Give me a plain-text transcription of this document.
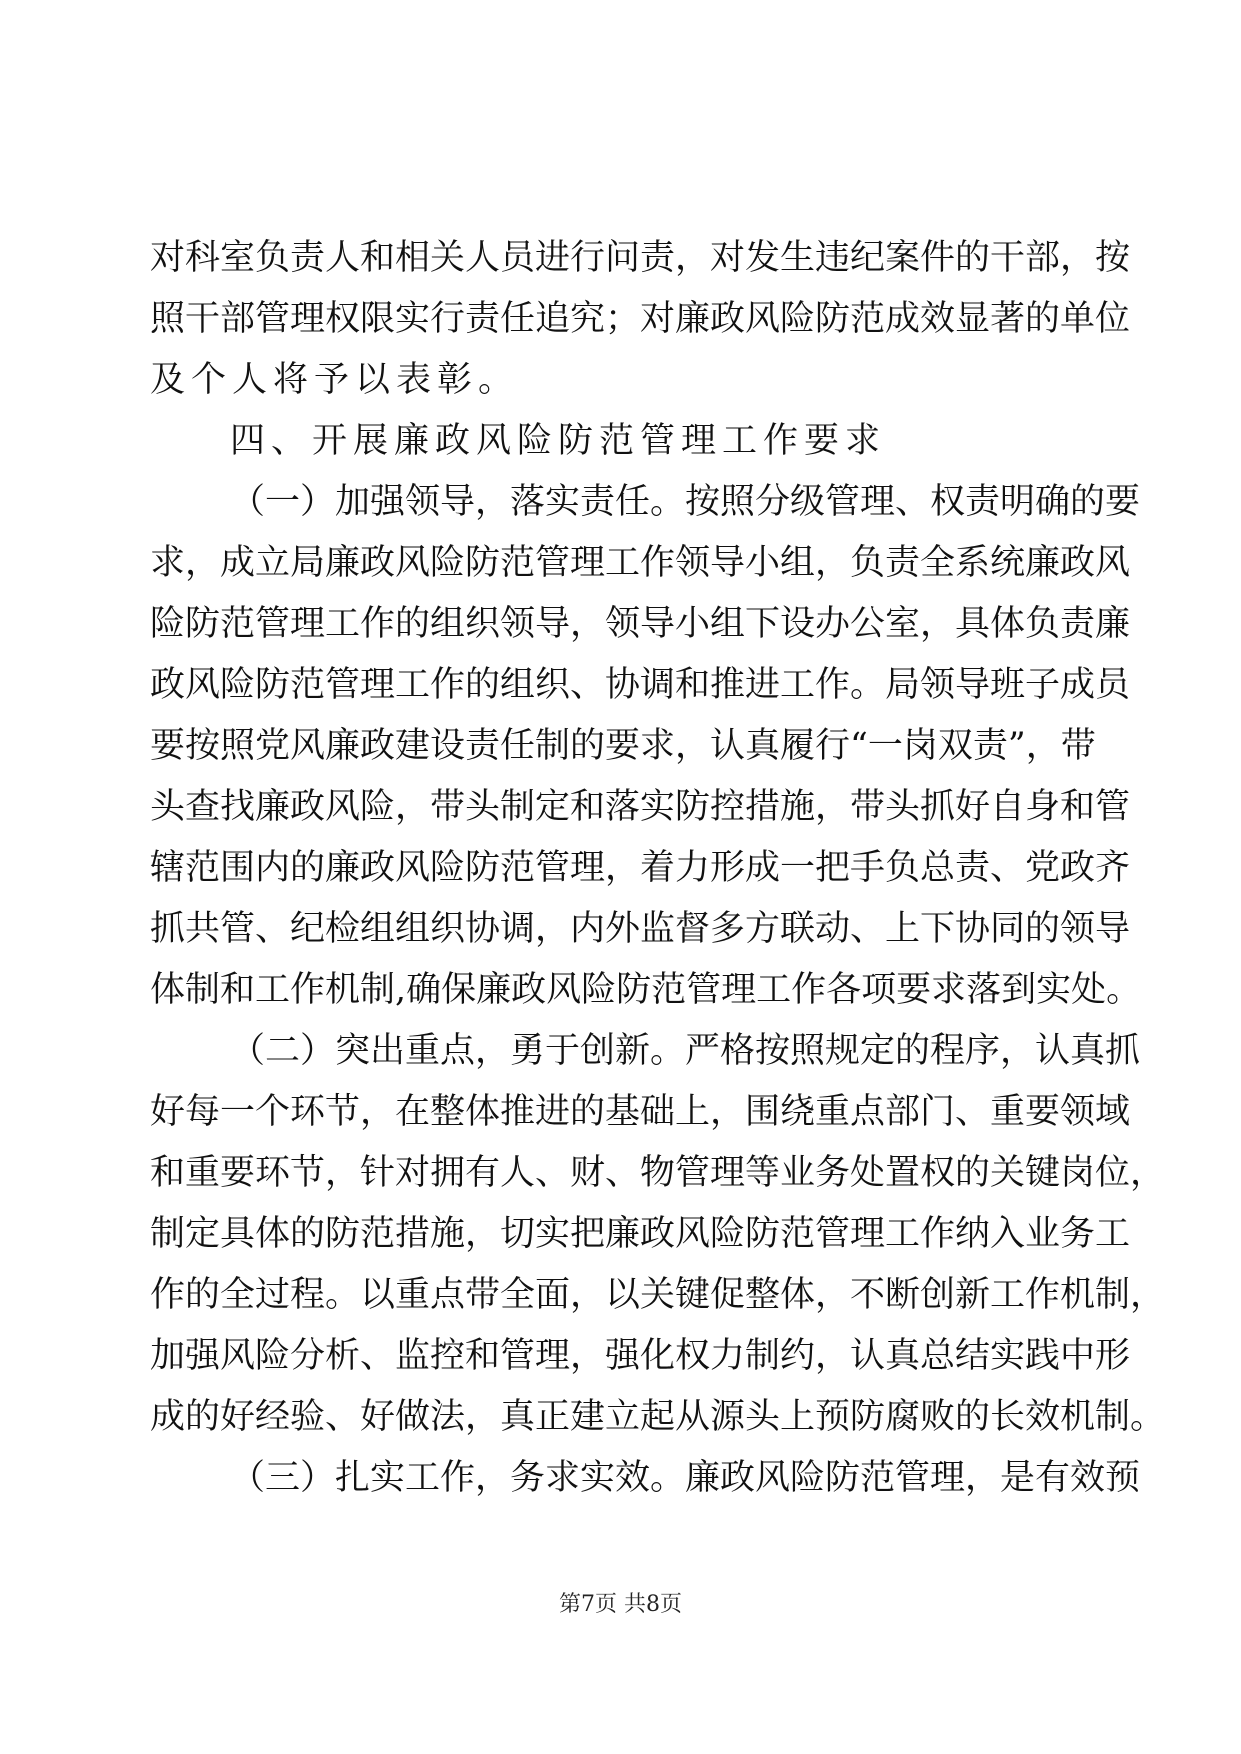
对科室负责人和相关人员进行问责，对发生违纪案件的干部，按
照干部管理权限实行责任追究；对廉政风险防范成效显著的单位
及个人将予以表彰。
四、开展廉政风险防范管理工作要求
（一）加强领导，落实责任。按照分级管理、权责明确的要
求，成立局廉政风险防范管理工作领导小组，负责全系统廉政风
险防范管理工作的组织领导，领导小组下设办公室，具体负责廉
政风险防范管理工作的组织、协调和推进工作。局领导班子成员
要按照党风廉政建设责任制的要求，认真履行“一岗双责”，带
头查找廉政风险，带头制定和落实防控措施，带头抓好自身和管
辖范围内的廉政风险防范管理，着力形成一把手负总责、党政齐
抓共管、纪检组组织协调，内外监督多方联动、上下协同的领导
体制和工作机制,确保廉政风险防范管理工作各项要求落到实处。
（二）突出重点，勇于创新。严格按照规定的程序，认真抓
好每一个环节，在整体推进的基础上，围绕重点部门、重要领域
和重要环节，针对拥有人、财、物管理等业务处置权的关键岗位，
制定具体的防范措施，切实把廉政风险防范管理工作纳入业务工
作的全过程。以重点带全面，以关键促整体，不断创新工作机制，
加强风险分析、监控和管理，强化权力制约，认真总结实践中形
成的好经验、好做法，真正建立起从源头上预防腐败的长效机制。
（三）扎实工作，务求实效。廉政风险防范管理，是有效预
第7页 共8页
